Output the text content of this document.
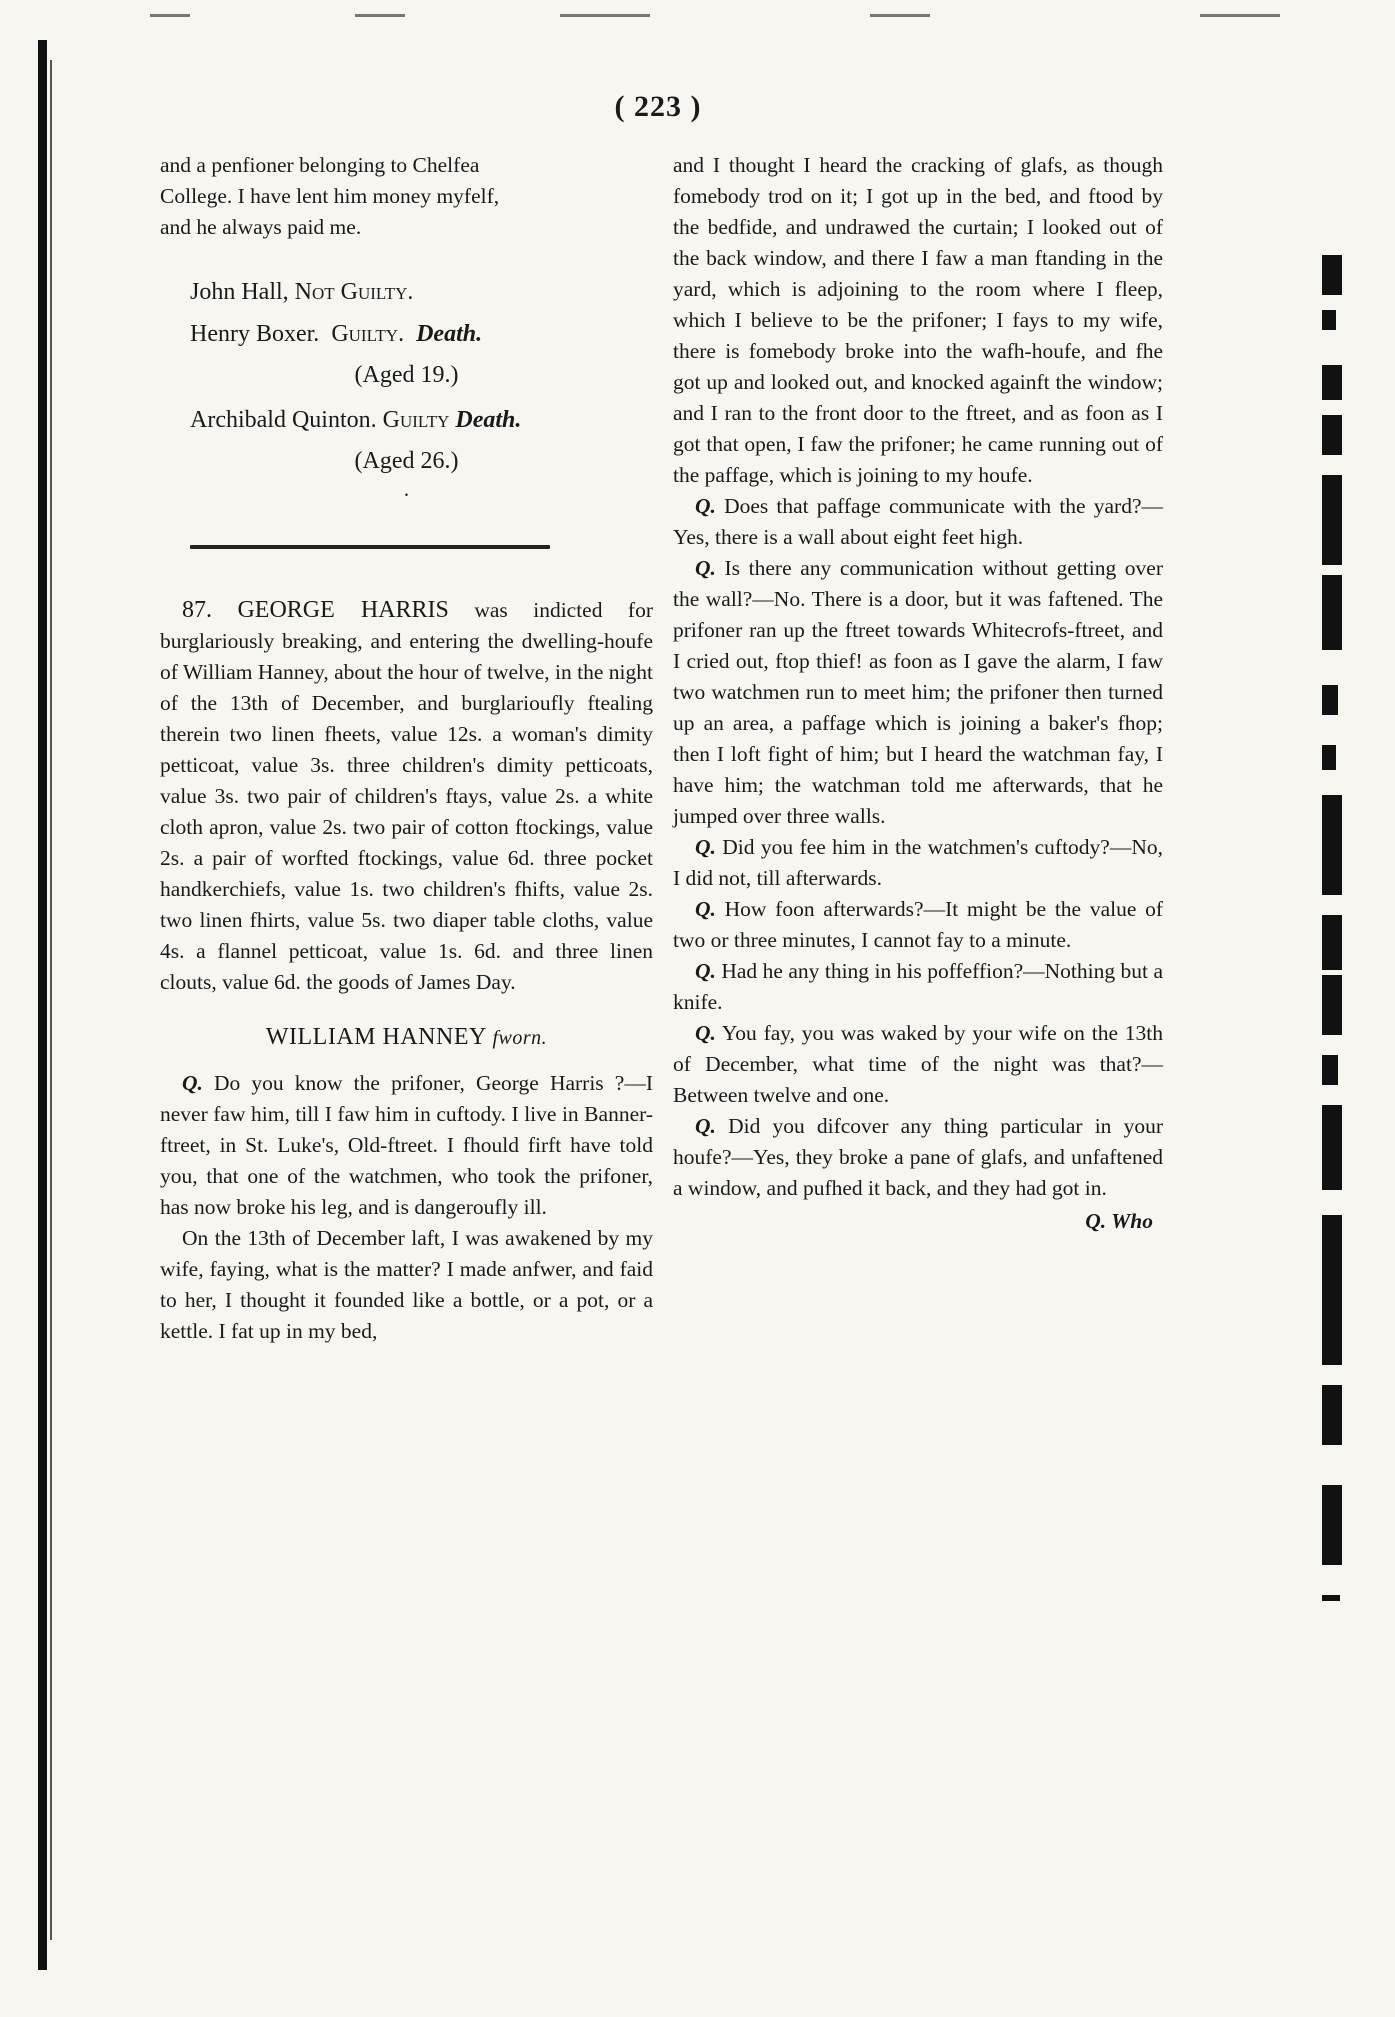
( 223 )

and a penfioner belonging to Chelfea

College. I have lent him money myfelf,

and he always paid me.

John Hall, Not Guilty.

Henry Boxer. Guilty. Death.

(Aged 19.)

Archibald Quinton. Guilty Death.

(Aged 26.)

·

87. GEORGE HARRIS was indicted for burglariously breaking, and entering the dwelling-houfe of William Hanney, about the hour of twelve, in the night of the 13th of December, and burglarioufly ftealing therein two linen fheets, value 12s. a woman's dimity petticoat, value 3s. three children's dimity petticoats, value 3s. two pair of children's ftays, value 2s. a white cloth apron, value 2s. two pair of cotton ftockings, value 2s. a pair of worfted ftockings, value 6d. three pocket handkerchiefs, value 1s. two children's fhifts, value 2s. two linen fhirts, value 5s. two diaper table cloths, value 4s. a flannel petticoat, value 1s. 6d. and three linen clouts, value 6d. the goods of James Day.

WILLIAM HANNEY fworn.

Q. Do you know the prifoner, George Harris ?—I never faw him, till I faw him in cuftody. I live in Banner-ftreet, in St. Luke's, Old-ftreet. I fhould firft have told you, that one of the watchmen, who took the prifoner, has now broke his leg, and is dangeroufly ill.

On the 13th of December laft, I was awakened by my wife, faying, what is the matter? I made anfwer, and faid to her, I thought it founded like a bottle, or a pot, or a kettle. I fat up in my bed,

and I thought I heard the cracking of glafs, as though fomebody trod on it; I got up in the bed, and ftood by the bedfide, and undrawed the curtain; I looked out of the back window, and there I faw a man ftanding in the yard, which is adjoining to the room where I fleep, which I believe to be the prifoner; I fays to my wife, there is fomebody broke into the wafh-houfe, and fhe got up and looked out, and knocked againft the window; and I ran to the front door to the ftreet, and as foon as I got that open, I faw the prifoner; he came running out of the paffage, which is joining to my houfe.

Q. Does that paffage communicate with the yard?—Yes, there is a wall about eight feet high.

Q. Is there any communication without getting over the wall?—No. There is a door, but it was faftened. The prifoner ran up the ftreet towards Whitecrofs-ftreet, and I cried out, ftop thief! as foon as I gave the alarm, I faw two watchmen run to meet him; the prifoner then turned up an area, a paffage which is joining a baker's fhop; then I loft fight of him; but I heard the watchman fay, I have him; the watchman told me afterwards, that he jumped over three walls.

Q. Did you fee him in the watchmen's cuftody?—No, I did not, till afterwards.

Q. How foon afterwards?—It might be the value of two or three minutes, I cannot fay to a minute.

Q. Had he any thing in his poffeffion?—Nothing but a knife.

Q. You fay, you was waked by your wife on the 13th of December, what time of the night was that?—Between twelve and one.

Q. Did you difcover any thing particular in your houfe?—Yes, they broke a pane of glafs, and unfaftened a window, and pufhed it back, and they had got in.

Q. Who
